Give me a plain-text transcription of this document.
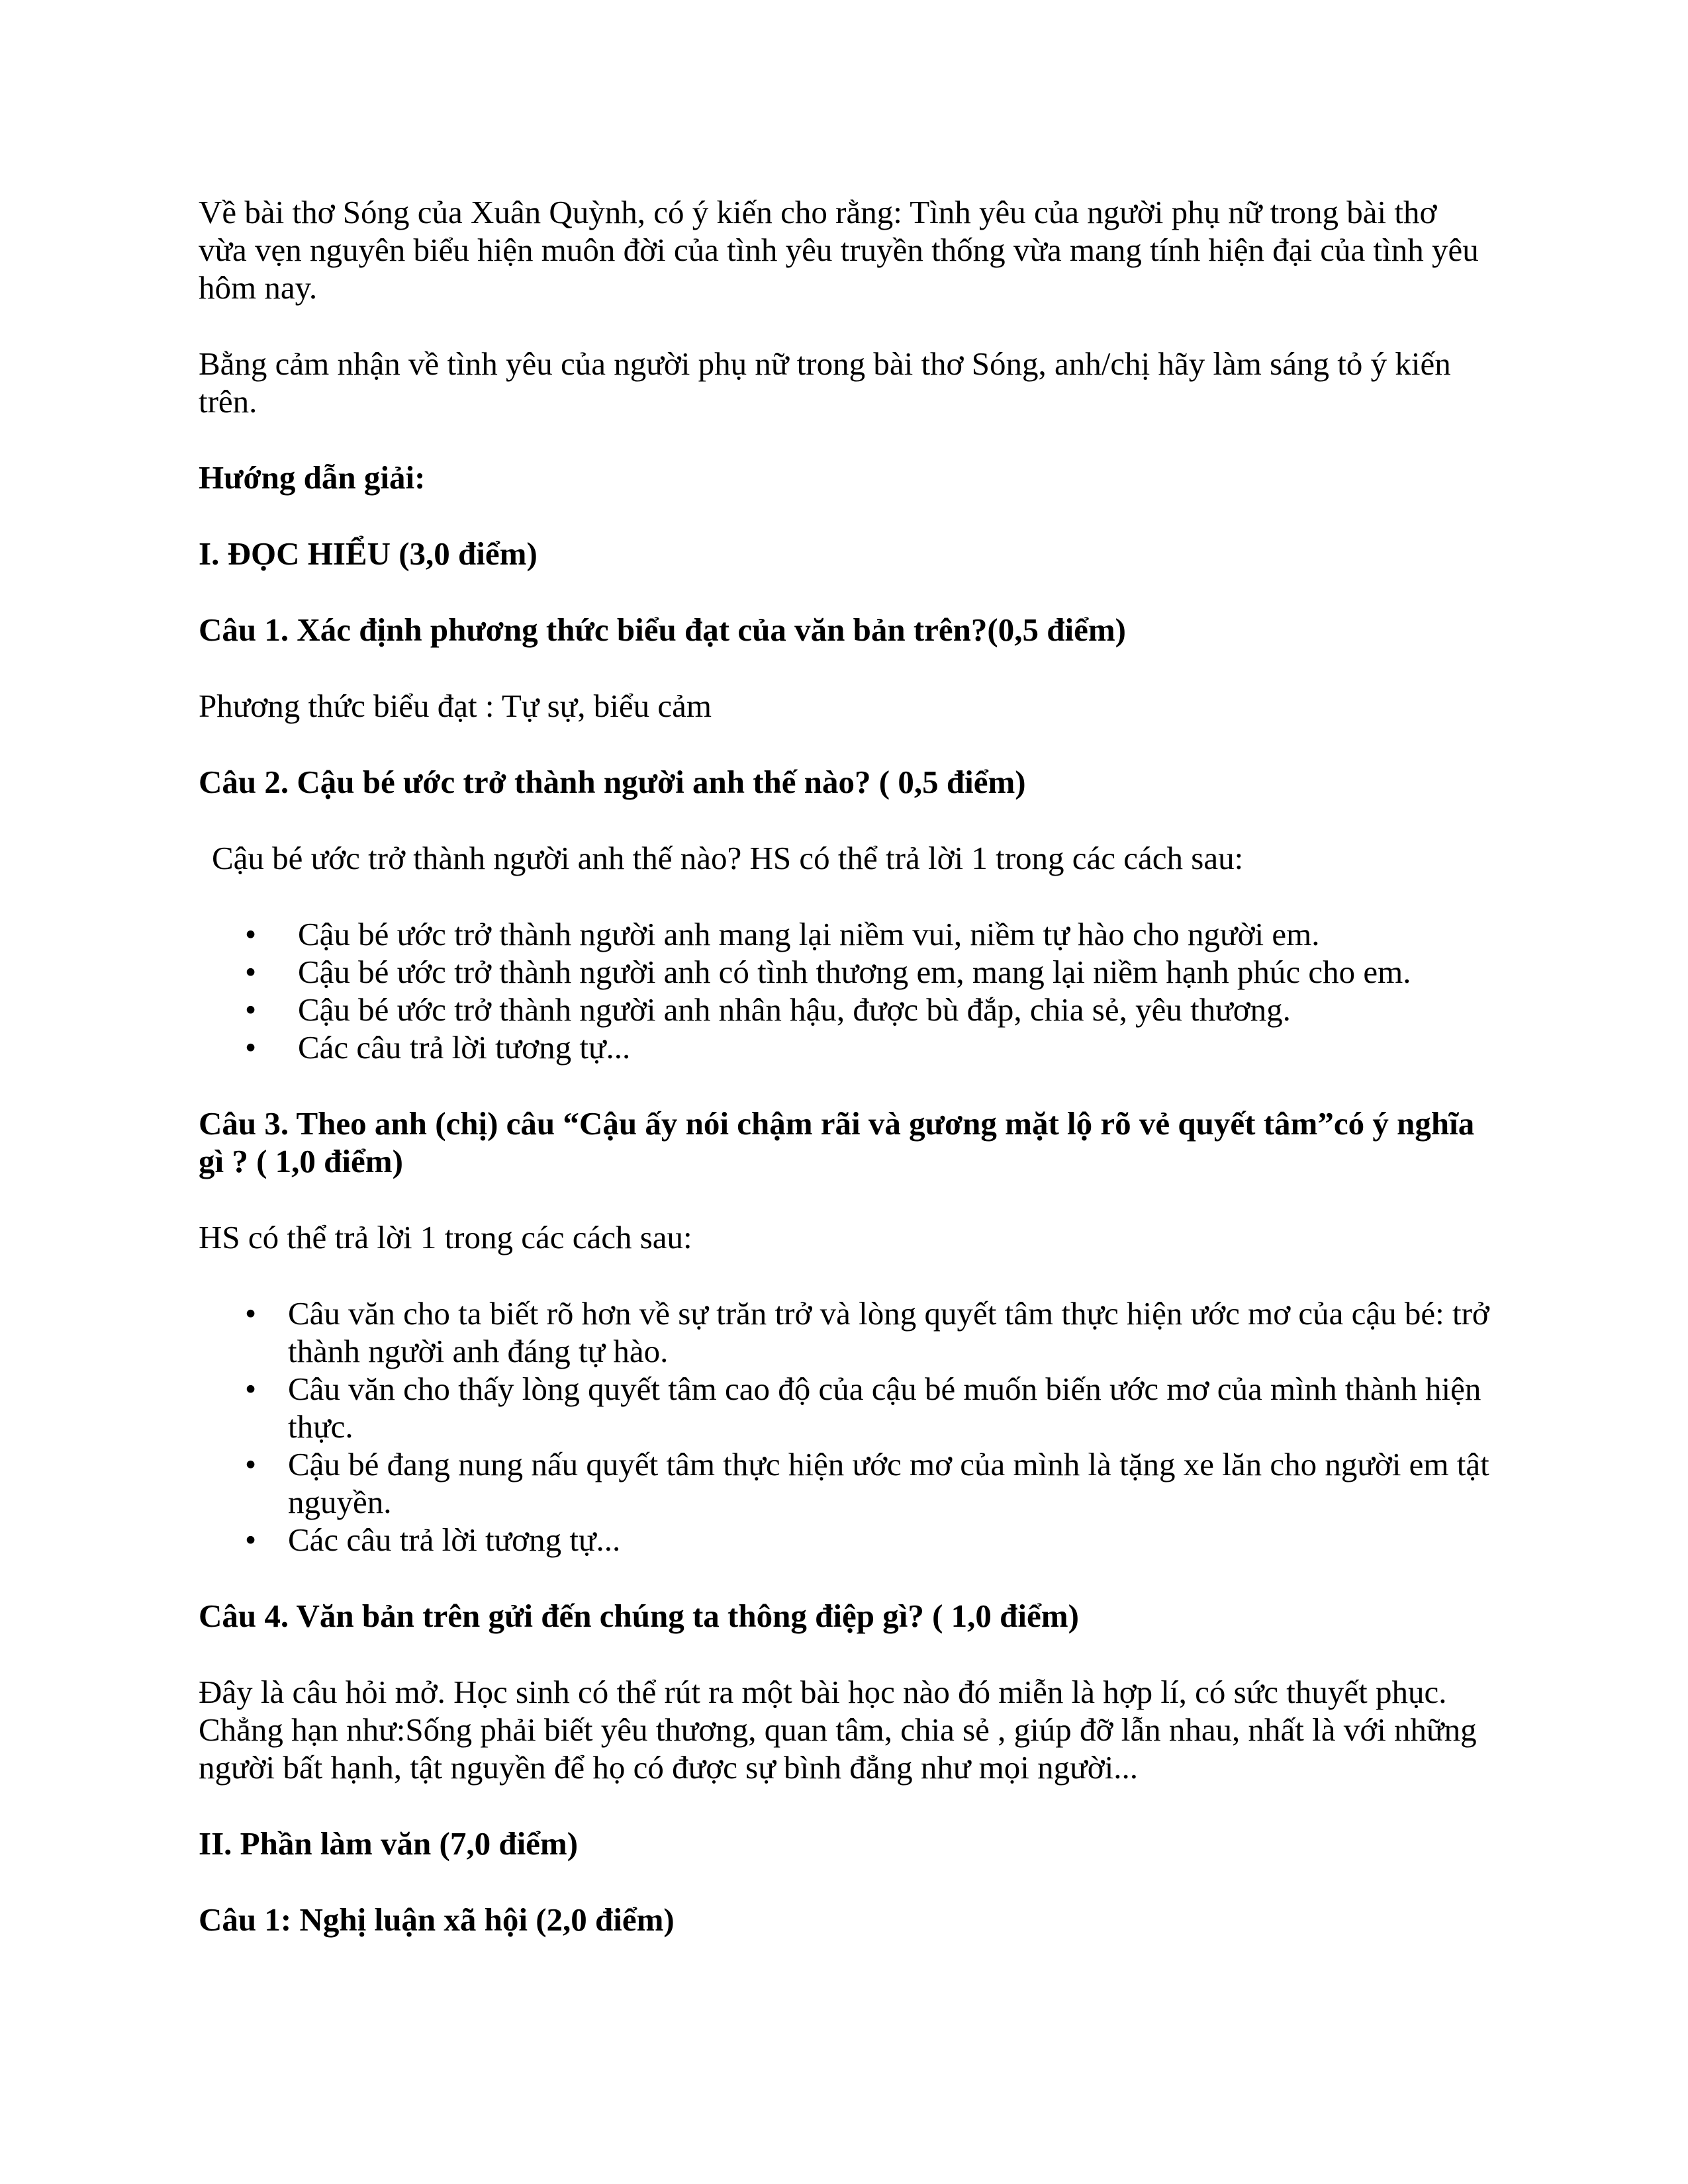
Về bài thơ Sóng của Xuân Quỳnh, có ý kiến cho rằng: Tình yêu của người phụ nữ trong bài thơ vừa vẹn nguyên biểu hiện muôn đời của tình yêu truyền thống vừa mang tính hiện đại của tình yêu hôm nay.

Bằng cảm nhận về tình yêu của người phụ nữ trong bài thơ Sóng, anh/chị hãy làm sáng tỏ ý kiến trên.

Hướng dẫn giải:

I. ĐỌC HIỂU (3,0 điểm)

Câu 1. Xác định phương thức biểu đạt của văn bản trên?(0,5 điểm)

Phương thức biểu đạt : Tự sự, biểu cảm

Câu 2. Cậu bé ước trở thành người anh thế nào? ( 0,5 điểm)

Cậu bé ước trở thành người anh thế nào? HS có thể trả lời 1 trong các cách sau:

• Cậu bé ước trở thành người anh mang lại niềm vui, niềm tự hào cho người em.
• Cậu bé ước trở thành người anh có tình thương em, mang lại niềm hạnh phúc cho em.
• Cậu bé ước trở thành người anh nhân hậu, được bù đắp, chia sẻ, yêu thương.
• Các câu trả lời tương tự...

Câu 3. Theo anh (chị) câu “Cậu ấy nói chậm rãi và gương mặt lộ rõ vẻ quyết tâm”có ý nghĩa gì ? ( 1,0 điểm)

HS có thể trả lời 1 trong các cách sau:

• Câu văn cho ta biết rõ hơn về sự trăn trở và lòng quyết tâm thực hiện ước mơ của cậu bé: trở thành người anh đáng tự hào.
• Câu văn cho thấy lòng quyết tâm cao độ của cậu bé muốn biến ước mơ của mình thành hiện thực.
• Cậu bé đang nung nấu quyết tâm thực hiện ước mơ của mình là tặng xe lăn cho người em tật nguyền.
• Các câu trả lời tương tự...

Câu 4. Văn bản trên gửi đến chúng ta thông điệp gì? ( 1,0 điểm)

Đây là câu hỏi mở. Học sinh có thể rút ra một bài học nào đó miễn là hợp lí, có sức thuyết phục. Chẳng hạn như:Sống phải biết yêu thương, quan tâm, chia sẻ , giúp đỡ lẫn nhau, nhất là với những người bất hạnh, tật nguyền để họ có được sự bình đẳng như mọi người...

II. Phần làm văn (7,0 điểm)

Câu 1: Nghị luận xã hội (2,0 điểm)
